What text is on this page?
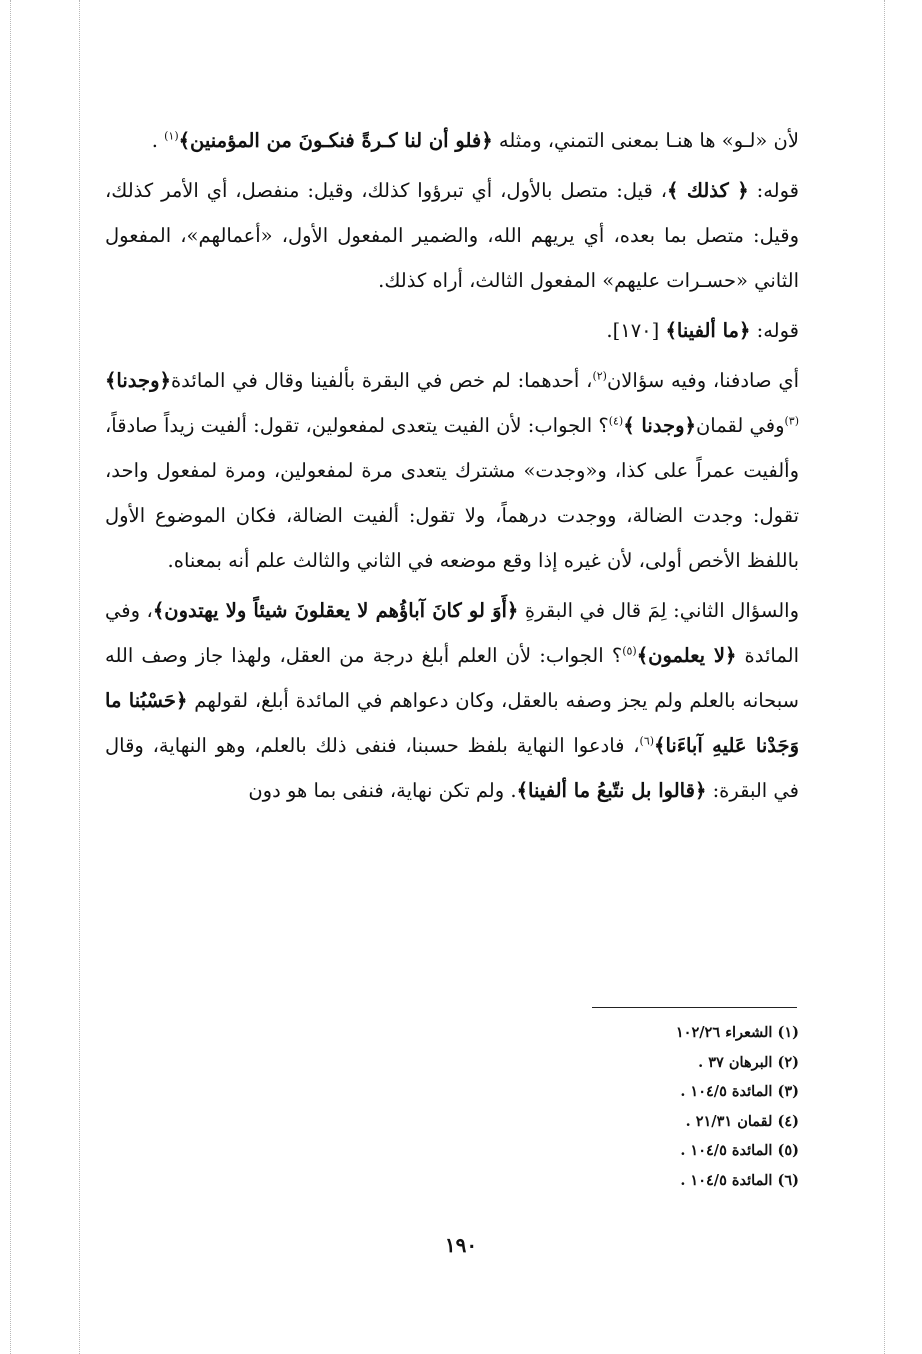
لأن «لـو» ها هنـا بمعنى التمني، ومثله ﴿فلو أن لنا كـرةً فنكـونَ من المؤمنين﴾$^{(١)}$ .

قوله: ﴿ كذلك ﴾، قيل: متصل بالأول، أي تبرؤوا كذلك، وقيل: منفصل، أي الأمر كذلك، وقيل: متصل بما بعده، أي يريهم الله، والضمير المفعول الأول، «أعمالهم»، المفعول الثاني «حسـرات عليهم» المفعول الثالث، أراه كذلك.

قوله: ﴿ما ألفينا﴾ [١٧٠].

أي صادفنا، وفيه سؤالان$^{(٢)}$، أحدهما: لم خص في البقرة بألفينا وقال في المائدة﴿وجدنا﴾$^{(٣)}$وفي لقمان﴿وجدنا ﴾$^{(٤)}$؟ الجواب: لأن الفيت يتعدى لمفعولين، تقول: ألفيت زيداً صادقاً، وألفيت عمراً على كذا، و«وجدت» مشترك يتعدى مرة لمفعولين، ومرة لمفعول واحد، تقول: وجدت الضالة، ووجدت درهماً، ولا تقول: ألفيت الضالة، فكان الموضوع الأول باللفظ الأخص أولى، لأن غيره إذا وقع موضعه في الثاني والثالث علم أنه بمعناه.

والسؤال الثاني: لِمَ قال في البقرةِ ﴿أَوَ لو كانَ آباؤُهم لا يعقلونَ شيئاً ولا يهتدون﴾، وفي المائدة ﴿لا يعلمون﴾$^{(٥)}$؟ الجواب: لأن العلم أبلغ درجة من العقل، ولهذا جاز وصف الله سبحانه بالعلم ولم يجز وصفه بالعقل، وكان دعواهم في المائدة أبلغ، لقولهم ﴿حَسْبُنا ما وَجَدْنا عَليهِ آباءَنا﴾$^{(٦)}$، فادعوا النهاية بلفظ حسبنا، فنفى ذلك بالعلم، وهو النهاية، وقال في البقرة: ﴿قالوا بل نتّبعُ ما ألفينا﴾. ولم تكن نهاية، فنفى بما هو دون

(١) الشعراء ١٠٢/٢٦
(٢) البرهان ٣٧ .
(٣) المائدة ١٠٤/٥ .
(٤) لقمان ٢١/٣١ .
(٥) المائدة ١٠٤/٥ .
(٦) المائدة ١٠٤/٥ .
١٩٠
